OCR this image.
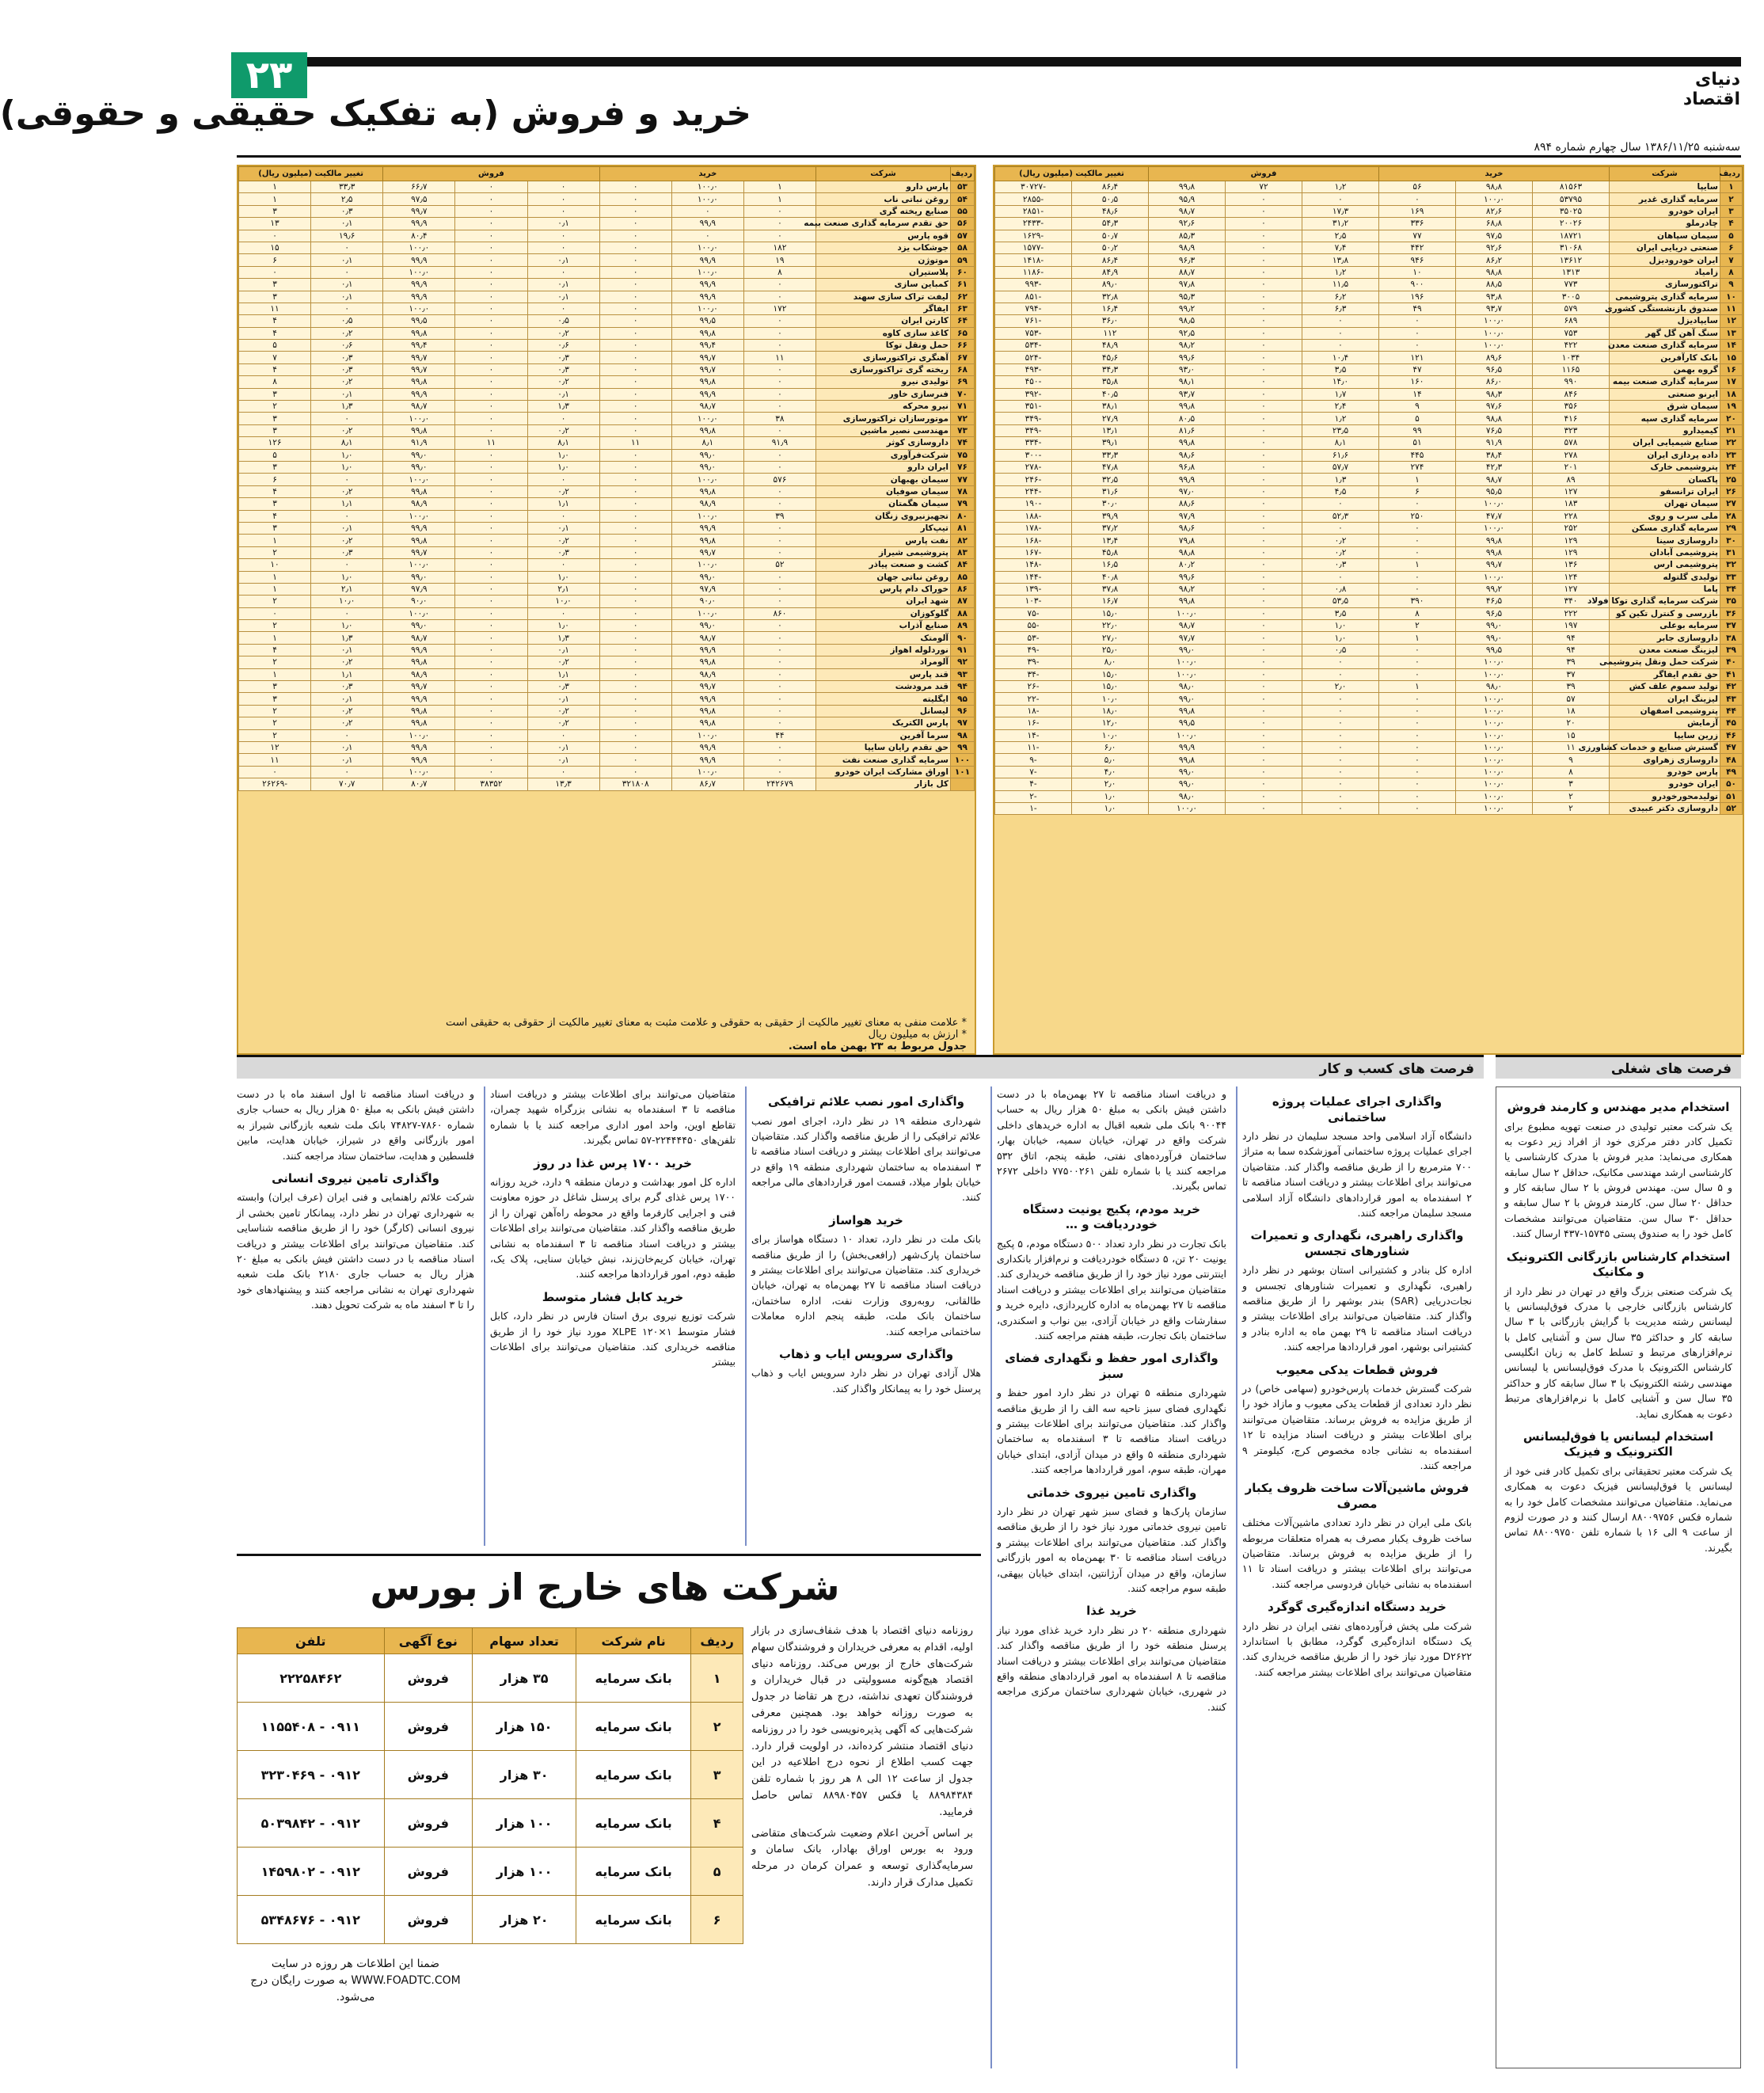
۲۳	دنیای اقتصاد
خرید و فروش (به تفکیک حقیقی و حقوقی)
سه‌شنبه ۱۳۸۶/۱۱/۲۵ سال چهارم شماره ۸۹۴
ردیف	شرکت	خرید			فروش			تغییر مالکیت (میلیون ریال)	
۱	سایپا	۸۱۵۶۳	۹۸٫۸	۵۶	۱٫۲	۷۲	۹۹٫۸	۸۶٫۴	-۳۰۷۲۷
۲	سرمایه گذاری غدیر	۵۳۷۹۵	۱۰۰٫۰	۰	۰	۰	۹۵٫۹	۵۰٫۵	-۲۸۵۵
۳	ایران خودرو	۳۵۰۲۵	۸۲٫۶	۱۶۹	۱۷٫۳	۰	۹۸٫۷	۴۸٫۶	-۲۸۵۱
۴	چادرملو	۲۰۰۲۶	۶۸٫۸	۳۳۶	۳۱٫۲	۰	۹۲٫۶	۵۴٫۳	-۲۴۳۳
۵	سیمان سپاهان	۱۸۷۲۱	۹۷٫۵	۷۷	۲٫۵	۰	۸۵٫۳	۵۰٫۷	-۱۶۲۹
۶	صنعتی دریایی ایران	۳۱۰۶۸	۹۲٫۶	۴۴۲	۷٫۴	۰	۹۸٫۹	۵۰٫۲	-۱۵۷۷
۷	ایران خودرودیزل	۱۳۶۱۲	۸۶٫۲	۹۴۶	۱۳٫۸	۰	۹۶٫۳	۸۶٫۴	-۱۴۱۸
۸	زامیاد	۱۳۱۳	۹۸٫۸	۱۰	۱٫۲	۰	۸۸٫۷	۸۴٫۹	-۱۱۸۶
۹	تراکتورسازی	۷۷۳	۸۸٫۵	۹۰۰	۱۱٫۵	۰	۹۷٫۸	۸۹٫۰	-۹۹۳
۱۰	سرمایه گذاری پتروشیمی	۳۰۰۵	۹۳٫۸	۱۹۶	۶٫۲	۰	۹۵٫۳	۳۲٫۸	-۸۵۱
۱۱	صندوق بازنشستگی کشوری	۵۷۹	۹۳٫۷	۴۹	۶٫۳	۰	۹۹٫۲	۱۶٫۴	-۷۹۴
۱۲	سایپادیزل	۶۸۹	۱۰۰٫۰	۰	۰	۰	۹۸٫۵	۳۶٫۰	-۷۶۱
۱۳	سنگ آهن گل گهر	۷۵۳	۱۰۰٫۰	۰	۰	۰	۹۲٫۵	۱۱۲	-۷۵۳
۱۴	سرمایه گذاری صنعت معدن	۴۲۲	۱۰۰٫۰	۰	۰	۰	۹۸٫۲	۴۸٫۹	-۵۳۴
۱۵	بانک کارآفرین	۱۰۳۴	۸۹٫۶	۱۲۱	۱۰٫۴	۰	۹۹٫۶	۴۵٫۶	-۵۲۴
۱۶	گروه بهمن	۱۱۶۵	۹۶٫۵	۴۷	۳٫۵	۰	۹۳٫۰	۳۴٫۳	-۴۹۳
۱۷	سرمایه گذاری صنعت بیمه	۹۹۰	۸۶٫۰	۱۶۰	۱۴٫۰	۰	۹۸٫۱	۳۵٫۸	-۴۵۰
۱۸	ایرنو صنعتی	۸۴۶	۹۸٫۳	۱۴	۱٫۷	۰	۹۳٫۷	۴۰٫۵	-۳۹۲
۱۹	سیمان شرق	۳۵۶	۹۷٫۶	۹	۲٫۴	۰	۹۹٫۸	۳۸٫۱	-۳۵۱
۲۰	سرمایه گذاری سپه	۴۱۶	۹۸٫۸	۵	۱٫۲	۰	۸۰٫۵	۲۷٫۹	-۳۴۹
۲۱	کیمیدارو	۳۲۳	۷۶٫۵	۹۹	۲۳٫۵	۰	۸۱٫۶	۱۳٫۱	-۳۴۹
۲۲	صنایع شیمیایی ایران	۵۷۸	۹۱٫۹	۵۱	۸٫۱	۰	۹۹٫۸	۳۹٫۱	-۳۳۴
۲۳	داده پردازی ایران	۲۷۸	۳۸٫۴	۴۴۵	۶۱٫۶	۰	۹۸٫۶	۳۳٫۳	-۳۰۰
۲۴	پتروشیمی خارک	۲۰۱	۴۲٫۳	۲۷۴	۵۷٫۷	۰	۹۶٫۸	۴۷٫۸	-۲۷۸
۲۵	پاکسان	۸۹	۹۸٫۷	۱	۱٫۳	۰	۹۹٫۹	۳۲٫۵	-۲۴۶
۲۶	ایران ترانسفو	۱۲۷	۹۵٫۵	۶	۴٫۵	۰	۹۷٫۰	۳۱٫۶	-۲۴۴
۲۷	سیمان تهران	۱۸۳	۱۰۰٫۰	۰	۰	۰	۸۸٫۶	۳۰٫۰	-۱۹۰
۲۸	ملی سرب و روی	۲۲۸	۴۷٫۷	۲۵۰	۵۲٫۳	۰	۹۷٫۹	۳۹٫۹	-۱۸۸
۲۹	سرمایه گذاری مسکن	۲۵۲	۱۰۰٫۰	۰	۰	۰	۹۸٫۶	۳۷٫۲	-۱۷۸
۳۰	داروسازی سینا	۱۲۹	۹۹٫۸	۰	۰٫۲	۰	۷۹٫۸	۱۳٫۴	-۱۶۸
۳۱	پتروشیمی آبادان	۱۲۹	۹۹٫۸	۰	۰٫۲	۰	۹۸٫۸	۴۵٫۸	-۱۶۷
۳۲	پتروشیمی ارس	۱۳۶	۹۹٫۷	۱	۰٫۳	۰	۸۰٫۲	۱۶٫۵	-۱۴۸
۳۳	تولیدی گلتوله	۱۲۴	۱۰۰٫۰	۰	۰	۰	۹۹٫۶	۴۰٫۸	-۱۴۴
۳۴	پاما	۱۲۷	۹۹٫۲	۰	۰٫۸	۰	۹۸٫۲	۳۷٫۸	-۱۳۹
۳۵	شرکت سرمایه گذاری توکا فولاد	۳۴۰	۴۶٫۵	۳۹۰	۵۳٫۵	۰	۹۹٫۸	۱۶٫۷	-۱۰۳
۳۶	بازرسی و کنترل تکین کو	۲۲۲	۹۶٫۵	۸	۳٫۵	۰	۱۰۰٫۰	۱۵٫۰	-۷۵
۳۷	سرمایه بوعلی	۱۹۷	۹۹٫۰	۲	۱٫۰	۰	۹۸٫۷	۲۲٫۰	-۵۵
۳۸	داروسازی جابر	۹۴	۹۹٫۰	۱	۱٫۰	۰	۹۷٫۷	۲۷٫۰	-۵۳
۳۹	لیزینگ صنعت معدن	۹۴	۹۹٫۵	۰	۰٫۵	۰	۹۹٫۰	۲۵٫۰	-۴۹
۴۰	شرکت حمل ونقل پتروشیمی	۳۹	۱۰۰٫۰	۰	۰	۰	۱۰۰٫۰	۸٫۰	-۳۹
۴۱	حق تقدم ایفاگر	۳۷	۱۰۰٫۰	۰	۰	۰	۱۰۰٫۰	۱۵٫۰	-۳۴
۴۲	تولید سموم علف کش	۳۹	۹۸٫۰	۱	۲٫۰	۰	۹۸٫۰	۱۵٫۰	-۲۶
۴۳	لیزینگ ایران	۵۷	۱۰۰٫۰	۰	۰	۰	۹۹٫۰	۱۰٫۰	-۲۲
۴۴	پتروشیمی اصفهان	۱۸	۱۰۰٫۰	۰	۰	۰	۹۹٫۸	۱۸٫۰	-۱۸
۴۵	آزمایش	۲۰	۱۰۰٫۰	۰	۰	۰	۹۹٫۵	۱۲٫۰	-۱۶
۴۶	زرین سایپا	۱۵	۱۰۰٫۰	۰	۰	۰	۱۰۰٫۰	۱۰٫۰	-۱۴
۴۷	گسترش صنایع و خدمات کشاورزی	۱۱	۱۰۰٫۰	۰	۰	۰	۹۹٫۹	۶٫۰	-۱۱
۴۸	داروسازی زهراوی	۹	۱۰۰٫۰	۰	۰	۰	۹۹٫۸	۵٫۰	-۹
۴۹	پارس خودرو	۸	۱۰۰٫۰	۰	۰	۰	۹۹٫۰	۴٫۰	-۷
۵۰	ایران خودرو	۳	۱۰۰٫۰	۰	۰	۰	۹۹٫۰	۲٫۰	-۴
۵۱	تولیدمحورخودرو	۲	۱۰۰٫۰	۰	۰	۰	۹۸٫۰	۱٫۰	-۲
۵۲	داروسازی دکتر عبیدی	۲	۱۰۰٫۰	۰	۰	۰	۱۰۰٫۰	۱٫۰	-۱
ردیف	شرکت	خرید			فروش			تغییر مالکیت (میلیون ریال)	
۵۳	پارس دارو	۱	۱۰۰٫۰	۰	۰	۰	۶۶٫۷	۳۳٫۳	۱
۵۴	روغن نباتی ناب	۱	۱۰۰٫۰	۰	۰	۰	۹۷٫۵	۲٫۵	۱
۵۵	صنایع ریخته گری	۰	۰	۰	۰	۰	۹۹٫۷	۰٫۳	۳
۵۶	حق تقدم سرمایه گذاری صنعت بیمه	۰	۹۹٫۹	۰	۰٫۱	۰	۹۹٫۹	۰٫۱	۱۳
۵۷	قوه پارس	۰	۰	۰	۰	۰	۸۰٫۴	۱۹٫۶	۰
۵۸	جوشکاب یزد	۱۸۲	۱۰۰٫۰	۰	۰	۰	۱۰۰٫۰	۰	۱۵
۵۹	موتوژن	۱۹	۹۹٫۹	۰	۰٫۱	۰	۹۹٫۹	۰٫۱	۶
۶۰	پلاستیران	۸	۱۰۰٫۰	۰	۰	۰	۱۰۰٫۰	۰	۰
۶۱	کمباین سازی	۰	۹۹٫۹	۰	۰٫۱	۰	۹۹٫۹	۰٫۱	۳
۶۲	لیفت تراک سازی سهند	۰	۹۹٫۹	۰	۰٫۱	۰	۹۹٫۹	۰٫۱	۳
۶۳	ایفاگر	۱۷۲	۱۰۰٫۰	۰	۰	۰	۱۰۰٫۰	۰	۱۱
۶۴	کارتن ایران	۰	۹۹٫۵	۰	۰٫۵	۰	۹۹٫۵	۰٫۵	۴
۶۵	کاغذ سازی کاوه	۰	۹۹٫۸	۰	۰٫۲	۰	۹۹٫۸	۰٫۲	۴
۶۶	حمل ونقل توکا	۰	۹۹٫۴	۰	۰٫۶	۰	۹۹٫۴	۰٫۶	۵
۶۷	آهنگری تراکتورسازی	۱۱	۹۹٫۷	۰	۰٫۳	۰	۹۹٫۷	۰٫۳	۷
۶۸	ریخته گری تراکتورسازی	۰	۹۹٫۷	۰	۰٫۳	۰	۹۹٫۷	۰٫۳	۴
۶۹	تولیدی نیرو	۰	۹۹٫۸	۰	۰٫۲	۰	۹۹٫۸	۰٫۲	۸
۷۰	فنرسازی خاور	۰	۹۹٫۹	۰	۰٫۱	۰	۹۹٫۹	۰٫۱	۳
۷۱	نیرو محرکه	۰	۹۸٫۷	۰	۱٫۳	۰	۹۸٫۷	۱٫۳	۲
۷۲	موتورسازان تراکتورسازی	۳۸	۱۰۰٫۰	۰	۰	۰	۱۰۰٫۰	۰	۳
۷۳	مهندسی نصیر ماشین	۰	۹۹٫۸	۰	۰٫۲	۰	۹۹٫۸	۰٫۲	۳
۷۴	داروسازی کوثر	۹۱٫۹	۸٫۱	۱۱	۸٫۱	۱۱	۹۱٫۹	۸٫۱	۱۲۶
۷۵	شرکت‌فرآوری	۰	۹۹٫۰	۰	۱٫۰	۰	۹۹٫۰	۱٫۰	۵
۷۶	ایران دارو	۰	۹۹٫۰	۰	۱٫۰	۰	۹۹٫۰	۱٫۰	۳
۷۷	سیمان بهبهان	۵۷۶	۱۰۰٫۰	۰	۰	۰	۱۰۰٫۰	۰	۶
۷۸	سیمان صوفیان	۰	۹۹٫۸	۰	۰٫۲	۰	۹۹٫۸	۰٫۲	۴
۷۹	سیمان هگمتان	۰	۹۸٫۹	۰	۱٫۱	۰	۹۸٫۹	۱٫۱	۳
۸۰	تجهیزنیروی زنگان	۳۹	۱۰۰٫۰	۰	۰	۰	۱۰۰٫۰	۰	۴
۸۱	تیپ‌کار	۰	۹۹٫۹	۰	۰٫۱	۰	۹۹٫۹	۰٫۱	۳
۸۲	نفت پارس	۰	۹۹٫۸	۰	۰٫۲	۰	۹۹٫۸	۰٫۲	۱
۸۳	پتروشیمی شیراز	۰	۹۹٫۷	۰	۰٫۳	۰	۹۹٫۷	۰٫۳	۲
۸۴	کشت و صنعت پیاذر	۵۲	۱۰۰٫۰	۰	۰	۰	۱۰۰٫۰	۰	۱۰
۸۵	روغن نباتی جهان	۰	۹۹٫۰	۰	۱٫۰	۰	۹۹٫۰	۱٫۰	۱
۸۶	خوراک دام پارس	۰	۹۷٫۹	۰	۲٫۱	۰	۹۷٫۹	۲٫۱	۱
۸۷	شهد ایران	۰	۹۰٫۰	۰	۱۰٫۰	۰	۹۰٫۰	۱۰٫۰	۲
۸۸	گلوکوزان	۸۶۰	۱۰۰٫۰	۰	۰	۰	۱۰۰٫۰	۰	۰
۸۹	صنایع آذراب	۰	۹۹٫۰	۰	۱٫۰	۰	۹۹٫۰	۱٫۰	۲
۹۰	آلومتک	۰	۹۸٫۷	۰	۱٫۳	۰	۹۸٫۷	۱٫۳	۱
۹۱	نوردلوله اهواز	۰	۹۹٫۹	۰	۰٫۱	۰	۹۹٫۹	۰٫۱	۴
۹۲	آلومراد	۰	۹۹٫۸	۰	۰٫۲	۰	۹۹٫۸	۰٫۲	۲
۹۳	قند پارس	۰	۹۸٫۹	۰	۱٫۱	۰	۹۸٫۹	۱٫۱	۱
۹۴	قند مرودشت	۰	۹۹٫۷	۰	۰٫۳	۰	۹۹٫۷	۰٫۳	۳
۹۵	ایگلیته	۰	۹۹٫۹	۰	۰٫۱	۰	۹۹٫۹	۰٫۱	۳
۹۶	لیسانل	۰	۹۹٫۸	۰	۰٫۲	۰	۹۹٫۸	۰٫۲	۲
۹۷	پارس الکتریک	۰	۹۹٫۸	۰	۰٫۲	۰	۹۹٫۸	۰٫۲	۲
۹۸	سرما آفرین	۴۴	۱۰۰٫۰	۰	۰	۰	۱۰۰٫۰	۰	۲
۹۹	حق تقدم رایان سایپا	۰	۹۹٫۹	۰	۰٫۱	۰	۹۹٫۹	۰٫۱	۱۲
۱۰۰	سرمایه گذاری صنعت نفت	۰	۹۹٫۹	۰	۰٫۱	۰	۹۹٫۹	۰٫۱	۱۱
۱۰۱	اوراق مشارکت ایران خودرو	۰	۱۰۰٫۰	۰	۰	۰	۱۰۰٫۰	۰	۰
	کل بازار	۲۴۲۶۷۹	۸۶٫۷	۳۲۱۸۰۸	۱۳٫۳	۳۸۳۵۲	۸۰٫۷	۷۰٫۷	-۲۶۲۶۹
* علامت منفی به معنای تغییر مالکیت از حقیقی به حقوقی و علامت مثبت به معنای تغییر مالکیت از حقوقی به حقیقی است
* ارزش به میلیون ریال
جدول مربوط به ۲۳ بهمن ماه است.
فرصت های شغلی
فرصت های کسب و کار
استخدام مدیر مهندس و کارمند فروش

یک شرکت معتبر تولیدی در صنعت تهویه مطبوع برای تکمیل کادر دفتر مرکزی خود از افراد زیر دعوت به همکاری می‌نماید: مدیر فروش با مدرک کارشناسی یا کارشناسی ارشد مهندسی مکانیک، حداقل ۲ سال سابقه و ۵ سال سن. مهندس فروش با ۲ سال سابقه کار و حداقل ۲۰ سال سن. کارمند فروش با ۲ سال سابقه و حداقل ۳۰ سال سن. متقاضیان می‌توانند مشخصات کامل خود را به صندوق پستی ۱۵۷۴۵-۴۳۷ ارسال کنند.

استخدام کارشناس بازرگانی الکترونیک و مکانیک

یک شرکت صنعتی بزرگ واقع در تهران در نظر دارد از کارشناس بازرگانی خارجی با مدرک فوق‌لیسانس یا لیسانس رشته مدیریت با گرایش بازرگانی با ۳ سال سابقه کار و حداکثر ۳۵ سال سن و آشنایی کامل با نرم‌افزارهای مرتبط و تسلط کامل به زبان انگلیسی کارشناس الکترونیک با مدرک فوق‌لیسانس یا لیسانس مهندسی رشته الکترونیک با ۳ سال سابقه کار و حداکثر ۳۵ سال سن و آشنایی کامل با نرم‌افزارهای مرتبط دعوت به همکاری نماید.

استخدام لیسانس یا فوق‌لیسانس الکترونیک و فیزیک

یک شرکت معتبر تحقیقاتی برای تکمیل کادر فنی خود از لیسانس یا فوق‌لیسانس فیزیک دعوت به همکاری می‌نماید. متقاضیان می‌توانند مشخصات کامل خود را به شماره فکس ۸۸۰۰۹۷۵۶ ارسال کنند و در صورت لزوم از ساعت ۹ الی ۱۶ با شماره تلفن ۸۸۰۰۹۷۵۰ تماس بگیرند.

واگذاری اجرای عملیات پروژه ساختمانی

دانشگاه آزاد اسلامی واحد مسجد سلیمان در نظر دارد اجرای عملیات پروژه ساختمانی آموزشکده سما به متراژ ۷۰۰ مترمربع را از طریق مناقصه واگذار کند. متقاضیان می‌توانند برای اطلاعات بیشتر و دریافت اسناد مناقصه تا ۲ اسفندماه به امور قراردادهای دانشگاه آزاد اسلامی مسجد سلیمان مراجعه کنند.

واگذاری راهبری، نگهداری و تعمیرات شناورهای تجسس

اداره کل بنادر و کشتیرانی استان بوشهر در نظر دارد راهبری، نگهداری و تعمیرات شناورهای تجسس و نجات‌دریایی (SAR) بندر بوشهر را از طریق مناقصه واگذار کند. متقاضیان می‌توانند برای اطلاعات بیشتر و دریافت اسناد مناقصه تا ۲۹ بهمن ماه به اداره بنادر و کشتیرانی بوشهر، امور قراردادها مراجعه کنند.

فروش قطعات یدکی معیوب

شرکت گسترش خدمات پارس‌خودرو (سهامی خاص) در نظر دارد تعدادی از قطعات یدکی معیوب و مازاد خود را از طریق مزایده به فروش برساند. متقاضیان می‌توانند برای اطلاعات بیشتر و دریافت اسناد مزایده تا ۱۲ اسفندماه به نشانی جاده مخصوص کرج، کیلومتر ۹ مراجعه کنند.

فروش ماشین‌آلات ساخت ظروف یکبار مصرف

بانک ملی ایران در نظر دارد تعدادی ماشین‌آلات مختلف ساخت ظروف یکبار مصرف به همراه متعلقات مربوطه را از طریق مزایده به فروش برساند. متقاضیان می‌توانند برای اطلاعات بیشتر و دریافت اسناد تا ۱۱ اسفندماه به نشانی خیابان فردوسی مراجعه کنند.

خرید دستگاه اندازه‌گیری گوگرد

شرکت ملی پخش فرآورده‌های نفتی ایران در نظر دارد یک دستگاه اندازه‌گیری گوگرد، مطابق با استاندارد D۲۶۲۲ مورد نیاز خود را از طریق مناقصه خریداری کند. متقاضیان می‌توانند برای اطلاعات بیشتر مراجعه کنند.

و دریافت اسناد مناقصه تا ۲۷ بهمن‌ماه با در دست داشتن فیش بانکی به مبلغ ۵۰ هزار ریال به حساب ۹۰۰۴۴ بانک ملی شعبه اقبال به اداره خریدهای داخلی شرکت واقع در تهران، خیابان سمیه، خیابان بهار، ساختمان فرآورده‌های نفتی، طبقه پنجم، اتاق ۵۳۲ مراجعه کنند یا با شماره تلفن ۷۷۵۰۰۲۶۱ داخلی ۲۶۷۲ تماس بگیرند.

خرید مودم، پکیج یونیت دستگاه خودردیافت و …

بانک تجارت در نظر دارد تعداد ۵۰۰ دستگاه مودم، ۵ پکیج یونیت ۲۰ تن، ۵ دستگاه خودردیافت و نرم‌افزار بانکداری اینترنتی مورد نیاز خود را از طریق مناقصه خریداری کند. متقاضیان می‌توانند برای اطلاعات بیشتر و دریافت اسناد مناقصه تا ۲۷ بهمن‌ماه به اداره کارپردازی، دایره خرید و سفارشات واقع در خیابان آزادی، بین نواب و اسکندری، ساختمان بانک تجارت، طبقه هفتم مراجعه کنند.

واگذاری امور حفظ و نگهداری فضای سبز

شهرداری منطقه ۵ تهران در نظر دارد امور حفظ و نگهداری فضای سبز ناحیه سه الف را از طریق مناقصه واگذار کند. متقاضیان می‌توانند برای اطلاعات بیشتر و دریافت اسناد مناقصه تا ۳ اسفندماه به ساختمان شهرداری منطقه ۵ واقع در میدان آزادی، ابتدای خیابان مهران، طبقه سوم، امور قراردادها مراجعه کنند.

واگذاری تامین نیروی خدماتی

سازمان پارک‌ها و فضای سبز شهر تهران در نظر دارد تامین نیروی خدماتی مورد نیاز خود را از طریق مناقصه واگذار کند. متقاضیان می‌توانند برای اطلاعات بیشتر و دریافت اسناد مناقصه تا ۳۰ بهمن‌ماه به امور بازرگانی سازمان، واقع در میدان آرژانتین، ابتدای خیابان بیهقی، طبقه سوم مراجعه کنند.

خرید غذا

شهرداری منطقه ۲۰ در نظر دارد خرید غذای مورد نیاز پرسنل منطقه خود را از طریق مناقصه واگذار کند. متقاضیان می‌توانند برای اطلاعات بیشتر و دریافت اسناد مناقصه تا ۸ اسفندماه به امور قراردادهای منطقه واقع در شهرری، خیابان شهرداری ساختمان مرکزی مراجعه کنند.

واگذاری امور نصب علائم ترافیکی

شهرداری منطقه ۱۹ در نظر دارد، اجرای امور نصب علائم ترافیکی را از طریق مناقصه واگذار کند. متقاضیان می‌توانند برای اطلاعات بیشتر و دریافت اسناد مناقصه تا ۳ اسفندماه به ساختمان شهرداری منطقه ۱۹ واقع در خیابان بلوار میلاد، قسمت امور قراردادهای مالی مراجعه کنند.

خرید هواساز

بانک ملت در نظر دارد، تعداد ۱۰ دستگاه هواساز برای ساختمان پارک‌شهر (رافعی‌بخش) را از طریق مناقصه خریداری کند. متقاضیان می‌توانند برای اطلاعات بیشتر و دریافت اسناد مناقصه تا ۲۷ بهمن‌ماه به تهران، خیابان طالقانی، روبه‌روی وزارت نفت، اداره ساختمان، ساختمان بانک ملت، طبقه پنجم اداره معاملات ساختمانی مراجعه کنند.

واگذاری سرویس ایاب و ذهاب

هلال آزادی تهران در نظر دارد سرویس ایاب و ذهاب پرسنل خود را به پیمانکار واگذار کند.

متقاضیان می‌توانند برای اطلاعات بیشتر و دریافت اسناد مناقصه تا ۳ اسفندماه به نشانی بزرگراه شهید چمران، تقاطع اوین، واحد امور اداری مراجعه کنند یا با شماره تلفن‌های ۲۲۴۴۴۴۵۰-۵۷ تماس بگیرند.

خرید ۱۷۰۰ پرس غذا در روز

اداره کل امور بهداشت و درمان منطقه ۹ دارد، خرید روزانه ۱۷۰۰ پرس غذای گرم برای پرسنل شاغل در حوزه معاونت فنی و اجرایی کارفرما واقع در محوطه راه‌آهن تهران را از طریق مناقصه واگذار کند. متقاضیان می‌توانند برای اطلاعات بیشتر و دریافت اسناد مناقصه تا ۳ اسفندماه به نشانی تهران، خیابان کریم‌خان‌زند، نبش خیابان سنایی، پلاک یک، طبقه دوم، امور قراردادها مراجعه کنند.

خرید کابل فشار متوسط

شرکت توزیع نیروی برق استان فارس در نظر دارد، کابل فشار متوسط ۱×۱۲۰ XLPE مورد نیاز خود را از طریق مناقصه خریداری کند. متقاضیان می‌توانند برای اطلاعات بیشتر

و دریافت اسناد مناقصه تا اول اسفند ماه با در دست داشتن فیش بانکی به مبلغ ۵۰ هزار ریال به حساب جاری شماره ۷۸۶۰-۷۴۸۲۷ بانک ملت شعبه بازرگانی شیراز به امور بازرگانی واقع در شیراز، خیابان هدایت، مابین فلسطین و هدایت، ساختمان ستاد مراجعه کنند.

واگذاری تامین نیروی انسانی

شرکت علائم راهنمایی و فنی ایران (عرف ایران) وابسته به شهرداری تهران در نظر دارد، پیمانکار تامین بخشی از نیروی انسانی (کارگر) خود را از طریق مناقصه شناسایی کند. متقاضیان می‌توانند برای اطلاعات بیشتر و دریافت اسناد مناقصه با در دست داشتن فیش بانکی به مبلغ ۲۰ هزار ریال به حساب جاری ۲۱۸۰ بانک ملت شعبه شهرداری تهران به نشانی مراجعه کنند و پیشنهادهای خود را تا ۳ اسفند ماه به شرکت تحویل دهند.

شرکت های خارج از بورس
ردیف	نام شرکت	تعداد سهام	نوع آگهی	تلفن
۱	بانک سرمایه	۳۵ هزار	فروش	۲۲۲۵۸۴۶۲
۲	بانک سرمایه	۱۵۰ هزار	فروش	۰۹۱۱ - ۱۱۵۵۴۰۸
۳	بانک سرمایه	۳۰ هزار	فروش	۰۹۱۲ - ۳۲۳۰۴۶۹
۴	بانک سرمایه	۱۰۰ هزار	فروش	۰۹۱۲ - ۵۰۳۹۸۴۲
۵	بانک سرمایه	۱۰۰ هزار	فروش	۰۹۱۲ - ۱۴۵۹۸۰۲
۶	بانک سرمایه	۲۰ هزار	فروش	۰۹۱۲ - ۵۳۴۸۶۷۶
ضمنا این اطلاعات هر روزه در سایت WWW.FOADTC.COM به صورت رایگان درج می‌شود.

روزنامه دنیای اقتصاد با هدف شفاف‌سازی در بازار اولیه، اقدام به معرفی خریداران و فروشندگان سهام شرکت‌های خارج از بورس می‌کند. روزنامه دنیای اقتصاد هیچ‌گونه مسوولیتی در قبال خریداران و فروشندگان تعهدی نداشته، درج هر تقاضا در جدول به صورت روزانه خواهد بود. همچنین معرفی شرکت‌هایی که آگهی پذیره‌نویسی خود را در روزنامه دنیای اقتصاد منتشر کرده‌اند، در اولویت قرار دارد. جهت کسب اطلاع از نحوه درج اطلاعیه در این جدول از ساعت ۱۲ الی ۸ هر روز با شماره تلفن ۸۸۹۸۴۳۸۴ یا فکس ۸۸۹۸۰۴۵۷ تماس حاصل فرمایید.

بر اساس آخرین اعلام وضعیت شرکت‌های متقاضی ورود به بورس اوراق بهادار، بانک سامان و سرمایه‌گذاری توسعه و عمران کرمان در مرحله تکمیل مدارک قرار دارند.
